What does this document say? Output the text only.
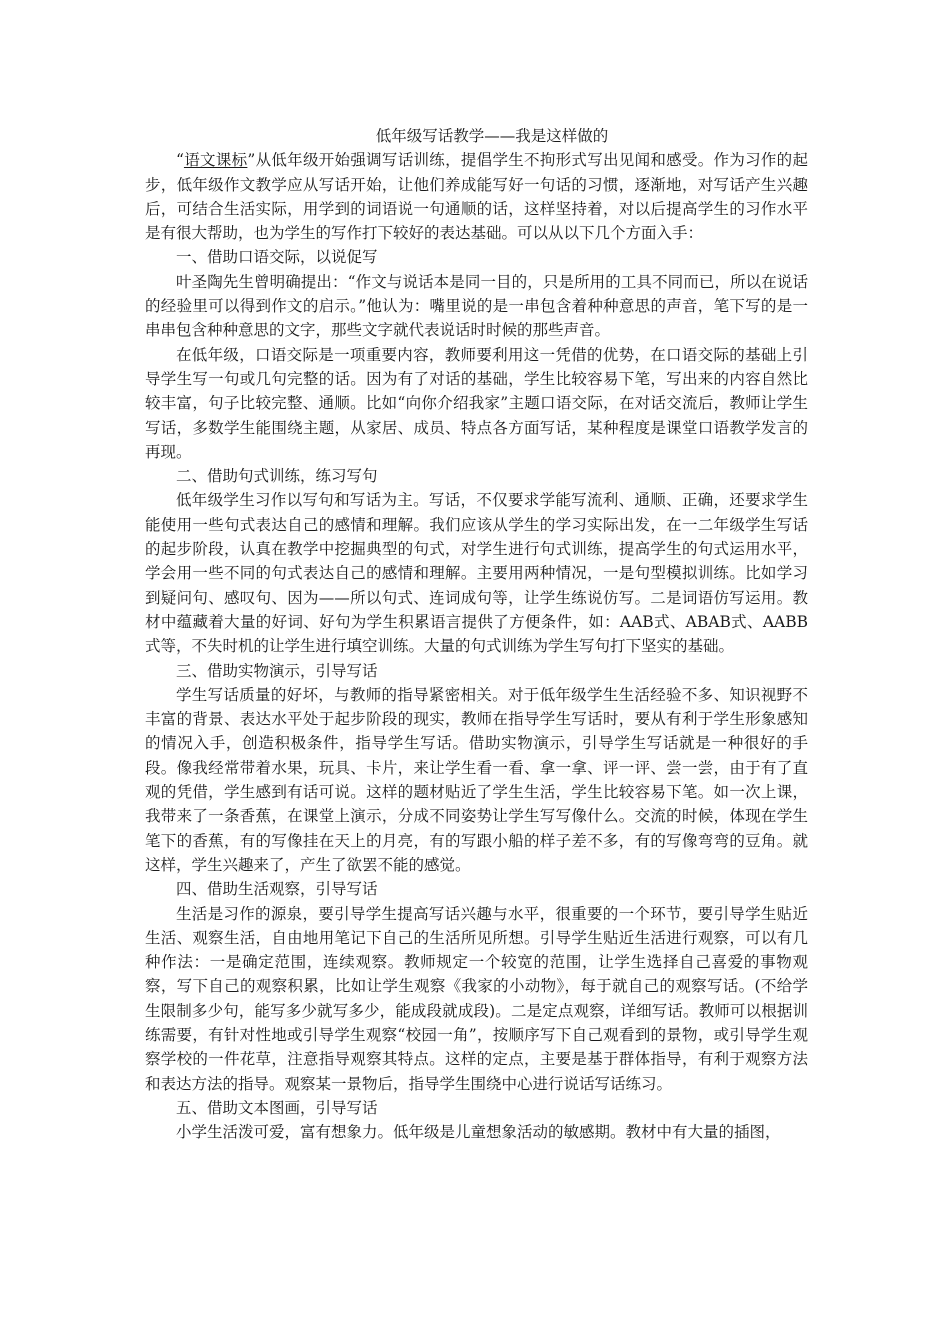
低年级写话教学——我是这样做的

“语文课标”从低年级开始强调写话训练，提倡学生不拘形式写出见闻和感受。作为习作的起步，低年级作文教学应从写话开始，让他们养成能写好一句话的习惯，逐渐地，对写话产生兴趣后，可结合生活实际，用学到的词语说一句通顺的话，这样坚持着，对以后提高学生的习作水平是有很大帮助，也为学生的写作打下较好的表达基础。可以从以下几个方面入手：

一、借助口语交际，以说促写

叶圣陶先生曾明确提出：“作文与说话本是同一目的，只是所用的工具不同而已，所以在说话的经验里可以得到作文的启示。”他认为：嘴里说的是一串包含着种种意思的声音，笔下写的是一串串包含种种意思的文字，那些文字就代表说话时时候的那些声音。

在低年级，口语交际是一项重要内容，教师要利用这一凭借的优势，在口语交际的基础上引导学生写一句或几句完整的话。因为有了对话的基础，学生比较容易下笔，写出来的内容自然比较丰富，句子比较完整、通顺。比如“向你介绍我家”主题口语交际，在对话交流后，教师让学生写话，多数学生能围绕主题，从家居、成员、特点各方面写话，某种程度是课堂口语教学发言的再现。

二、借助句式训练，练习写句

低年级学生习作以写句和写话为主。写话，不仅要求学能写流利、通顺、正确，还要求学生能使用一些句式表达自己的感情和理解。我们应该从学生的学习实际出发，在一二年级学生写话的起步阶段，认真在教学中挖掘典型的句式，对学生进行句式训练，提高学生的句式运用水平，学会用一些不同的句式表达自己的感情和理解。主要用两种情况，一是句型模拟训练。比如学习到疑问句、感叹句、因为——所以句式、连词成句等，让学生练说仿写。二是词语仿写运用。教材中蕴藏着大量的好词、好句为学生积累语言提供了方便条件，如：AAB式、ABAB式、AABB式等，不失时机的让学生进行填空训练。大量的句式训练为学生写句打下坚实的基础。

三、借助实物演示，引导写话

学生写话质量的好坏，与教师的指导紧密相关。对于低年级学生生活经验不多、知识视野不丰富的背景、表达水平处于起步阶段的现实，教师在指导学生写话时，要从有利于学生形象感知的情况入手，创造积极条件，指导学生写话。借助实物演示，引导学生写话就是一种很好的手段。像我经常带着水果，玩具、卡片，来让学生看一看、拿一拿、评一评、尝一尝，由于有了直观的凭借，学生感到有话可说。这样的题材贴近了学生生活，学生比较容易下笔。如一次上课，我带来了一条香蕉，在课堂上演示，分成不同姿势让学生写写像什么。交流的时候，体现在学生笔下的香蕉，有的写像挂在天上的月亮，有的写跟小船的样子差不多，有的写像弯弯的豆角。就这样，学生兴趣来了，产生了欲罢不能的感觉。

四、借助生活观察，引导写话

生活是习作的源泉，要引导学生提高写话兴趣与水平，很重要的一个环节，要引导学生贴近生活、观察生活，自由地用笔记下自己的生活所见所想。引导学生贴近生活进行观察，可以有几种作法：一是确定范围，连续观察。教师规定一个较宽的范围，让学生选择自己喜爱的事物观察，写下自己的观察积累，比如让学生观察《我家的小动物》，每于就自己的观察写话。(不给学生限制多少句，能写多少就写多少，能成段就成段)。二是定点观察，详细写话。教师可以根据训练需要，有针对性地或引导学生观察“校园一角”，按顺序写下自己观看到的景物，或引导学生观察学校的一件花草，注意指导观察其特点。这样的定点，主要是基于群体指导，有利于观察方法和表达方法的指导。观察某一景物后，指导学生围绕中心进行说话写话练习。

五、借助文本图画，引导写话

小学生活泼可爱，富有想象力。低年级是儿童想象活动的敏感期。教材中有大量的插图，
